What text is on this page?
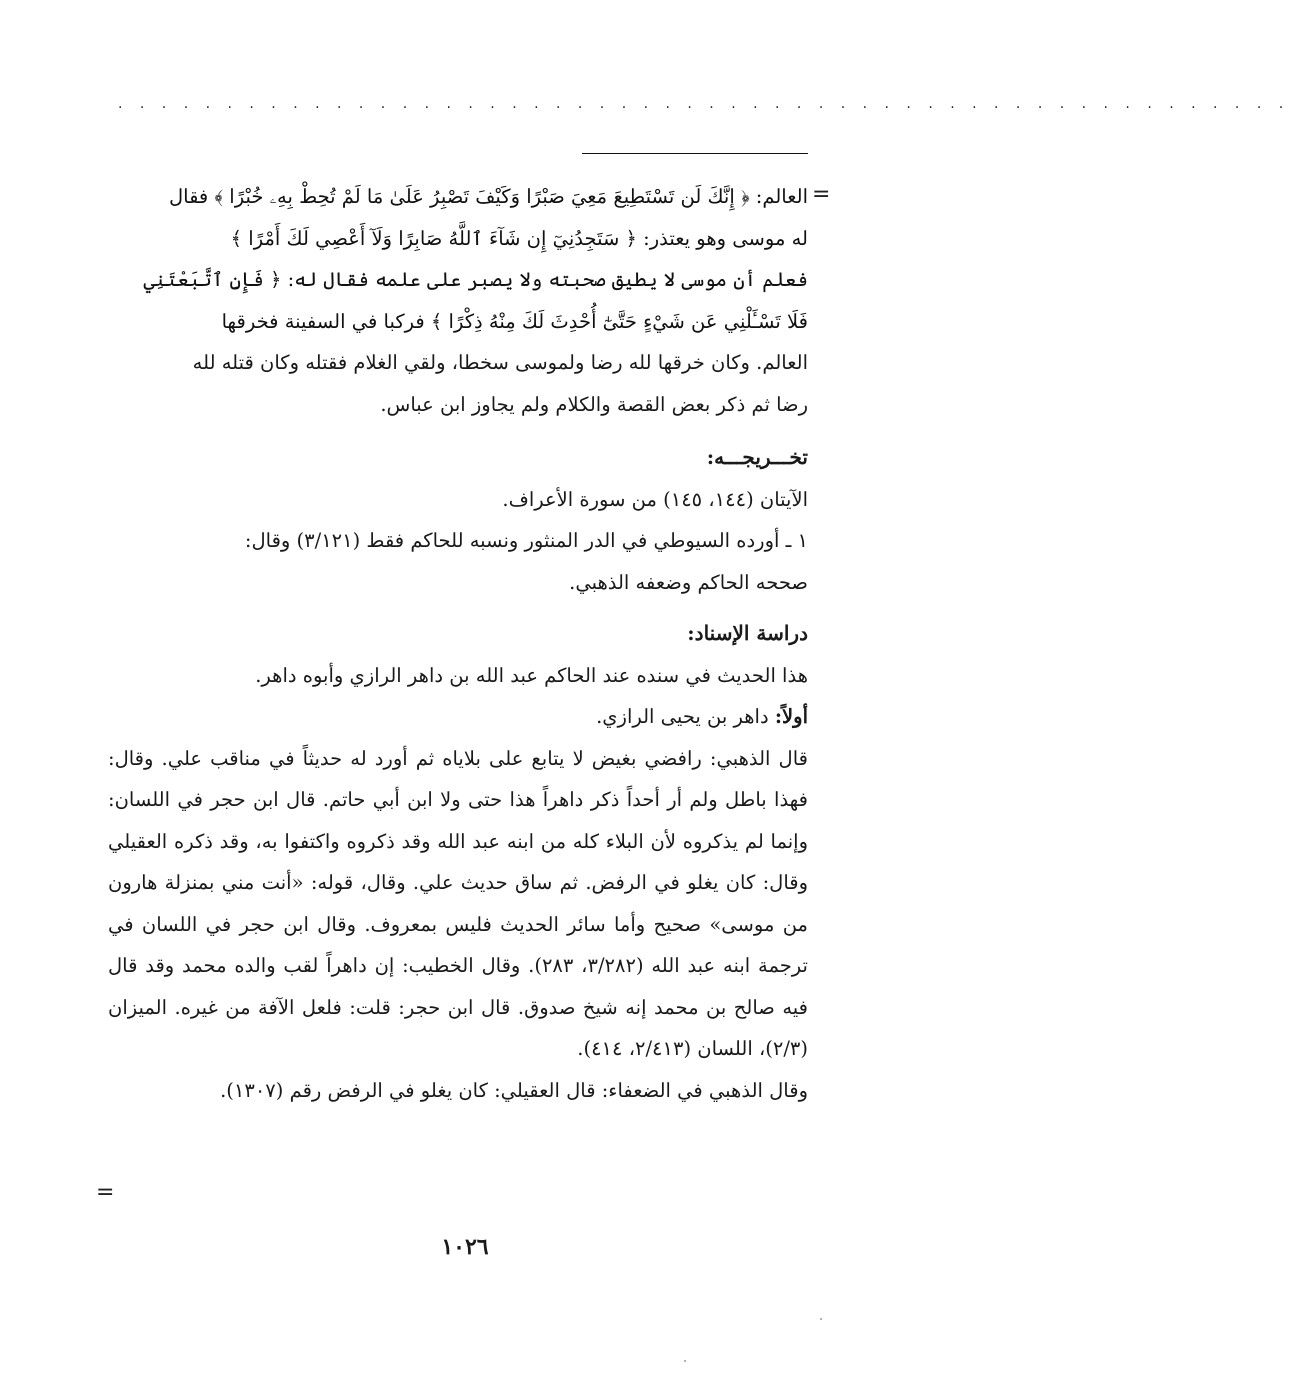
. . . . . . . . . . . . . . . . . . . . . . . . . . . . . . . . . . . . . . . . . . . . . . . . . . . . . .
=

العالم: ﴿ إِنَّكَ لَن تَسْتَطِيعَ مَعِيَ صَبْرًا وَكَيْفَ تَصْبِرُ عَلَىٰ مَا لَمْ تُحِطْ بِهِۦ خُبْرًا ﴾ فقال

له موسى وهو يعتذر: ﴿ سَتَجِدُنِيٓ إِن شَآءَ ٱللَّهُ صَابِرًا وَلَآ أَعْصِي لَكَ أَمْرًا ﴾

فعلم أن موسى لا يطيق صحبته ولا يصبر على علمه فقال له: ﴿ فَإِنِ ٱتَّبَعْتَنِي

فَلَا تَسْـَٔلْنِي عَن شَيْءٍ حَتَّىٰٓ أُحْدِثَ لَكَ مِنْهُ ذِكْرًا ﴾ فركبا في السفينة فخرقها

العالم. وكان خرقها لله رضا ولموسى سخطا، ولقي الغلام فقتله وكان قتله لله

رضا ثم ذكر بعض القصة والكلام ولم يجاوز ابن عباس.

تخـــريجـــه:

الآيتان (١٤٤، ١٤٥) من سورة الأعراف.

١ ـ أورده السيوطي في الدر المنثور ونسبه للحاكم فقط (٣/١٢١) وقال:

صححه الحاكم وضعفه الذهبي.

دراسة الإسناد:

هذا الحديث في سنده عند الحاكم عبد الله بن داهر الرازي وأبوه داهر.

أولاً: داهر بن يحيى الرازي.

قال الذهبي: رافضي بغيض لا يتابع على بلاياه ثم أورد له حديثاً في مناقب علي. وقال: فهذا باطل ولم أر أحداً ذكر داهراً هذا حتى ولا ابن أبي حاتم. قال ابن حجر في اللسان: وإنما لم يذكروه لأن البلاء كله من ابنه عبد الله وقد ذكروه واكتفوا به، وقد ذكره العقيلي وقال: كان يغلو في الرفض. ثم ساق حديث علي. وقال، قوله: «أنت مني بمنزلة هارون من موسى» صحيح وأما سائر الحديث فليس بمعروف. وقال ابن حجر في اللسان في ترجمة ابنه عبد الله (٣/٢٨٢، ٢٨٣). وقال الخطيب: إن داهراً لقب والده محمد وقد قال فيه صالح بن محمد إنه شيخ صدوق. قال ابن حجر: قلت: فلعل الآفة من غيره. الميزان (٢/٣)، اللسان (٢/٤١٣، ٤١٤).

وقال الذهبي في الضعفاء: قال العقيلي: كان يغلو في الرفض رقم (١٣٠٧).

=
١٠٢٦
